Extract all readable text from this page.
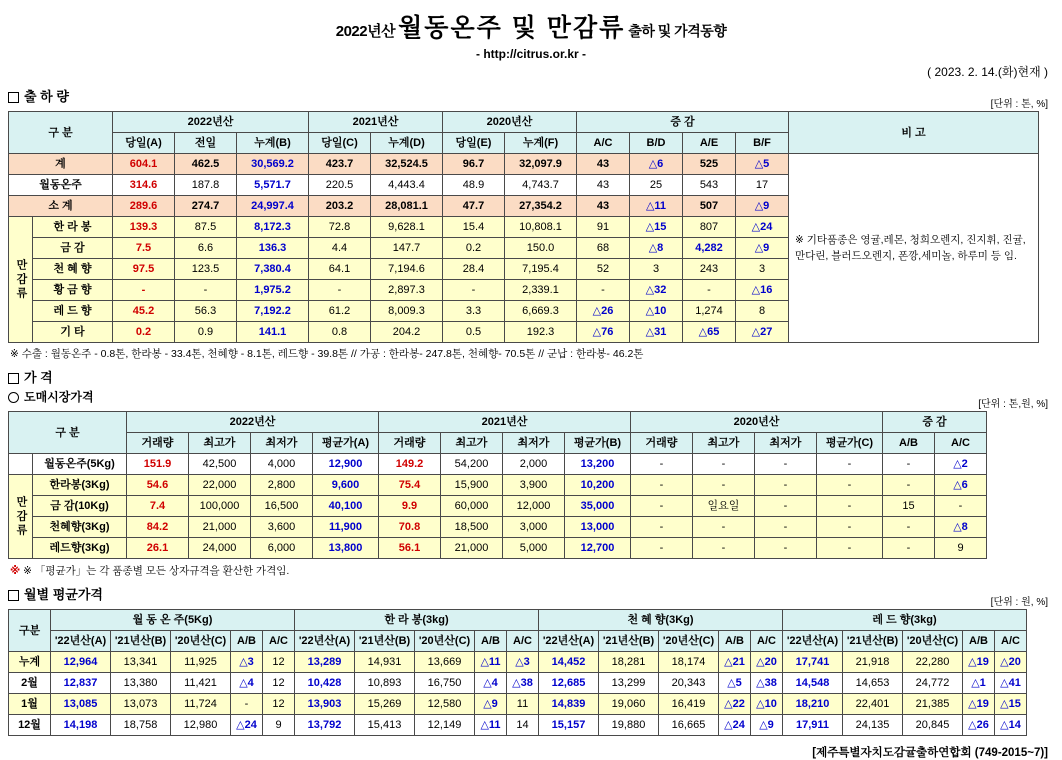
2022년산 월동온주 및 만감류 출하 및 가격동향
- http://citrus.or.kr -
( 2023. 2. 14.(화)현재 )
출 하 량
[단위 : 톤, %]
구 분		2022년산			2021년산		2020년산		증 감				비 고
		당일(A)	전일	누계(B)	당일(C)	누계(D)	당일(E)	누계(F)	A/C	B/D	A/E	B/F	
계		604.1	462.5	30,569.2	423.7	32,524.5	96.7	32,097.9	43	△6	525	△5	※ 기타품종은 영귤,레몬, 청희오렌지, 진지휘, 진귤, 만다린, 블러드오렌지, 폰깡,세미놀, 하루미 등 임.
월동온주		314.6	187.8	5,571.7	220.5	4,443.4	48.9	4,743.7	43	25	543	17	
소 계		289.6	274.7	24,997.4	203.2	28,081.1	47.7	27,354.2	43	△11	507	△9	
만감류	한 라 봉	139.3	87.5	8,172.3	72.8	9,628.1	15.4	10,808.1	91	△15	807	△24	
	금 감	7.5	6.6	136.3	4.4	147.7	0.2	150.0	68	△8	4,282	△9	
	천 혜 향	97.5	123.5	7,380.4	64.1	7,194.6	28.4	7,195.4	52	3	243	3	
	황 금 향	-	-	1,975.2	-	2,897.3	-	2,339.1	-	△32	-	△16	
	레 드 향	45.2	56.3	7,192.2	61.2	8,009.3	3.3	6,669.3	△26	△10	1,274	8	
	기 타	0.2	0.9	141.1	0.8	204.2	0.5	192.3	△76	△31	△65	△27	
※ 수출 : 월동온주 - 0.8톤, 한라봉 - 33.4톤, 천혜향 - 8.1톤, 레드향 - 39.8톤 // 가공 : 한라봉- 247.8톤, 천혜향- 70.5톤 // 군납 : 한라봉- 46.2톤
가 격
도매시장가격
[단위 : 톤,원, %]
구 분		2022년산				2021년산				2020년산				증 감	
		거래량	최고가	최저가	평균가(A)	거래량	최고가	최저가	평균가(B)	거래량	최고가	최저가	평균가(C)	A/B	A/C
	월동온주(5Kg)	151.9	42,500	4,000	12,900	149.2	54,200	2,000	13,200	-	-	-	-	-	△2
만감류	한라봉(3Kg)	54.6	22,000	2,800	9,600	75.4	15,900	3,900	10,200	-	-	-	-	-	△6
	금 감(10Kg)	7.4	100,000	16,500	40,100	9.9	60,000	12,000	35,000	-	일요일	-	-	15	-
	천혜향(3Kg)	84.2	21,000	3,600	11,900	70.8	18,500	3,000	13,000	-	-	-	-	-	△8
	레드향(3Kg)	26.1	24,000	6,000	13,800	56.1	21,000	5,000	12,700	-	-	-	-	-	9
※ ※ 「평균가」는 각 품종별 모든 상자규격을 환산한 가격임.
월별 평균가격
[단위 : 원, %]
구분	월 동 온 주(5Kg)					한 라 봉(3kg)					천 혜 향(3Kg)					레 드 향(3kg)				
	'22년산(A)	'21년산(B)	'20년산(C)	A/B	A/C	'22년산(A)	'21년산(B)	'20년산(C)	A/B	A/C	'22년산(A)	'21년산(B)	'20년산(C)	A/B	A/C	'22년산(A)	'21년산(B)	'20년산(C)	A/B	A/C
누계	12,964	13,341	11,925	△3	12	13,289	14,931	13,669	△11	△3	14,452	18,281	18,174	△21	△20	17,741	21,918	22,280	△19	△20
2월	12,837	13,380	11,421	△4	12	10,428	10,893	16,750	△4	△38	12,685	13,299	20,343	△5	△38	14,548	14,653	24,772	△1	△41
1월	13,085	13,073	11,724	-	12	13,903	15,269	12,580	△9	11	14,839	19,060	16,419	△22	△10	18,210	22,401	21,385	△19	△15
12월	14,198	18,758	12,980	△24	9	13,792	15,413	12,149	△11	14	15,157	19,880	16,665	△24	△9	17,911	24,135	20,845	△26	△14
[제주특별자치도감귤출하연합회 (749-2015~7)]
